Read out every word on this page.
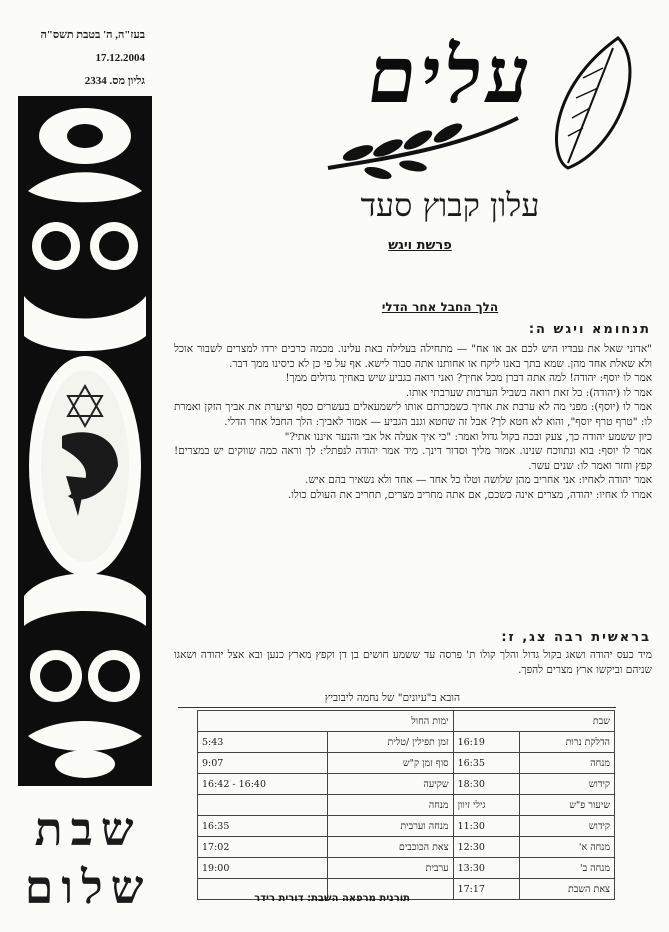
בעז"ה, ה' בטבת תשס"ה
17.12.2004
גליון מס. 2334
שבת
שלום
עלים
עלון קבוץ סעד
פרשת ויגש
הלך החבל אחר הדלי
תנחומא ויגש ה:

"אדוני שאל את עבדיו היש לכם אב או אח" — מתחילה בעלילה באת עלינו. מכמה כרכים ירדו למצרים לשבור אוכל ולא שאלת אחד מהן. שמא בתך באנו ליקח או אחותנו אתה סבור לישא. אף על פי כן לא כיסינו ממך דבר.

אמר לו יוסף: יהודה! למה אתה דברן מכל אחיך? ואני רואה בגביע שיש באחיך גדולים ממך!

אמר לו (יהודה): כל זאת רואה בשביל הערבות שערבתי אותו.

אמר לו (יוסף): מפני מה לא ערבת את אחיך כשמכרתם אותו לישמעאלים בעשרים כסף וציערת את אביך הזקן ואמרת לו: "טרף טרף יוסף", והוא לא חטא לך? אבל זה שחטא וגנב הגביע — אמור לאביך: הלך החבל אחר הדלי.

כיון ששמע יהודה כך, צעק ובכה בקול גדול ואמר: "כי איך אעלה אל אבי והנער איננו אתי?"

אמר לו יוסף: בוא ונתווכח שנינו. אמור מליך וסדור דינך. מיד אמר יהודה לנפתלי: לך וראה כמה שווקים יש במצרים! קפץ וחזר ואמר לו: שנים עשר.

אמר יהודה לאחיו: אני אחריב מהן שלושה וטלו כל אחד — אחד ולא נשאיר בהם איש.

אמרו לו אחיו: יהודה, מצרים אינה כשכם, אם אתה מחריב מצרים, תחריב את העולם כולו.

בראשית רבה צג, ז:

מיד כעס יהודה ושאג בקול גדול והלך קולו ת' פרסה עד ששמע חושים בן דן וקפץ מארץ כנען ובא אצל יהודה ושאגו שניהם וביקשו ארץ מצרים להפך.

הובא ב"עיונים" של נחמה ליבוביץ
שבת		ימות החול	
הדלקת נרות	16:19	זמן תפילין /טלית	5:43
מנחה	16:35	סוף זמן ק"ש	9:07
קידוש	18:30	שקיעה	16:42 - 16:40
שיעור פ"ש	גילי זיוון	מנחה	
קידוש	11:30	מנחה וערבית	16:35
מנחה א'	12:30	צאת הכוכבים	17:02
מנחה ב'	13:30	ערבית	19:00
צאת השבת	17:17		
תורנית מרפאה השבת: דורית רידר
